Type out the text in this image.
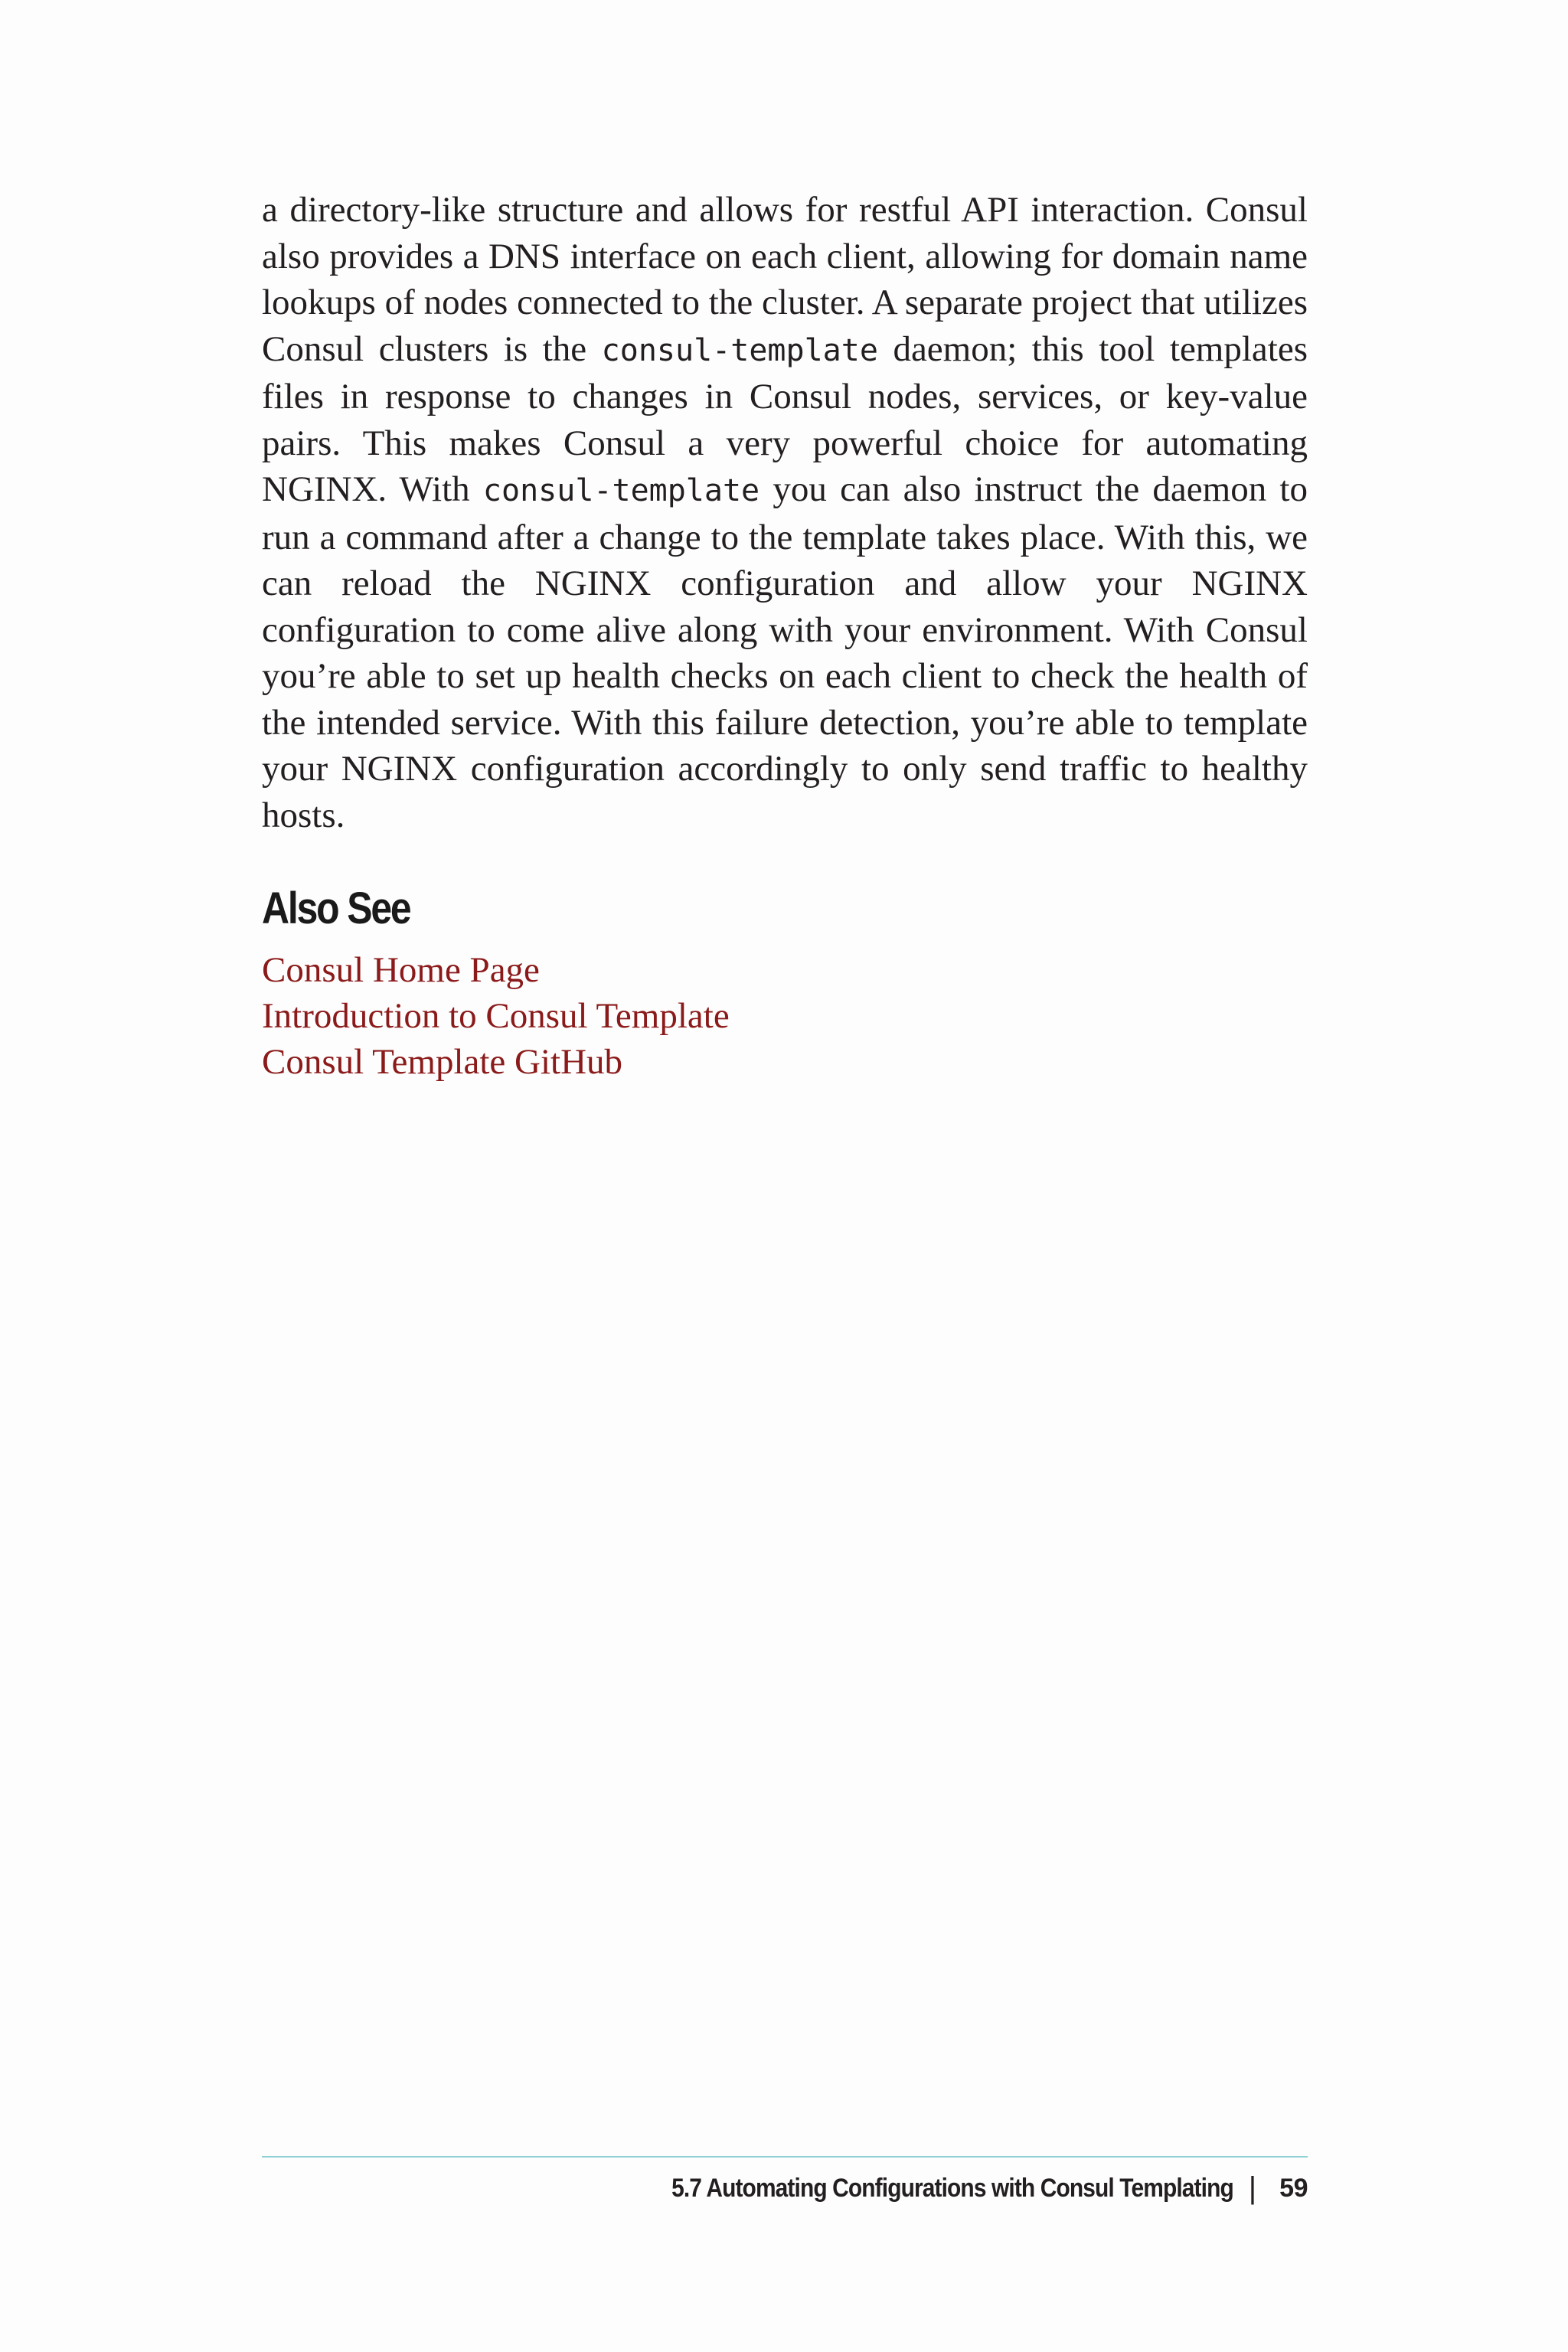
a directory-like structure and allows for restful API interaction. Consul also provides a DNS interface on each client, allowing for domain name lookups of nodes connected to the cluster. A separate project that utilizes Consul clusters is the consul-template daemon; this tool templates files in response to changes in Consul nodes, services, or key-value pairs. This makes Consul a very powerful choice for automating NGINX. With consul-template you can also instruct the daemon to run a command after a change to the template takes place. With this, we can reload the NGINX configuration and allow your NGINX configuration to come alive along with your environment. With Consul you’re able to set up health checks on each client to check the health of the intended service. With this failure detection, you’re able to template your NGINX configuration accordingly to only send traffic to healthy hosts.

Also See
Consul Home Page
Introduction to Consul Template
Consul Template GitHub
5.7 Automating Configurations with Consul Templating | 59
